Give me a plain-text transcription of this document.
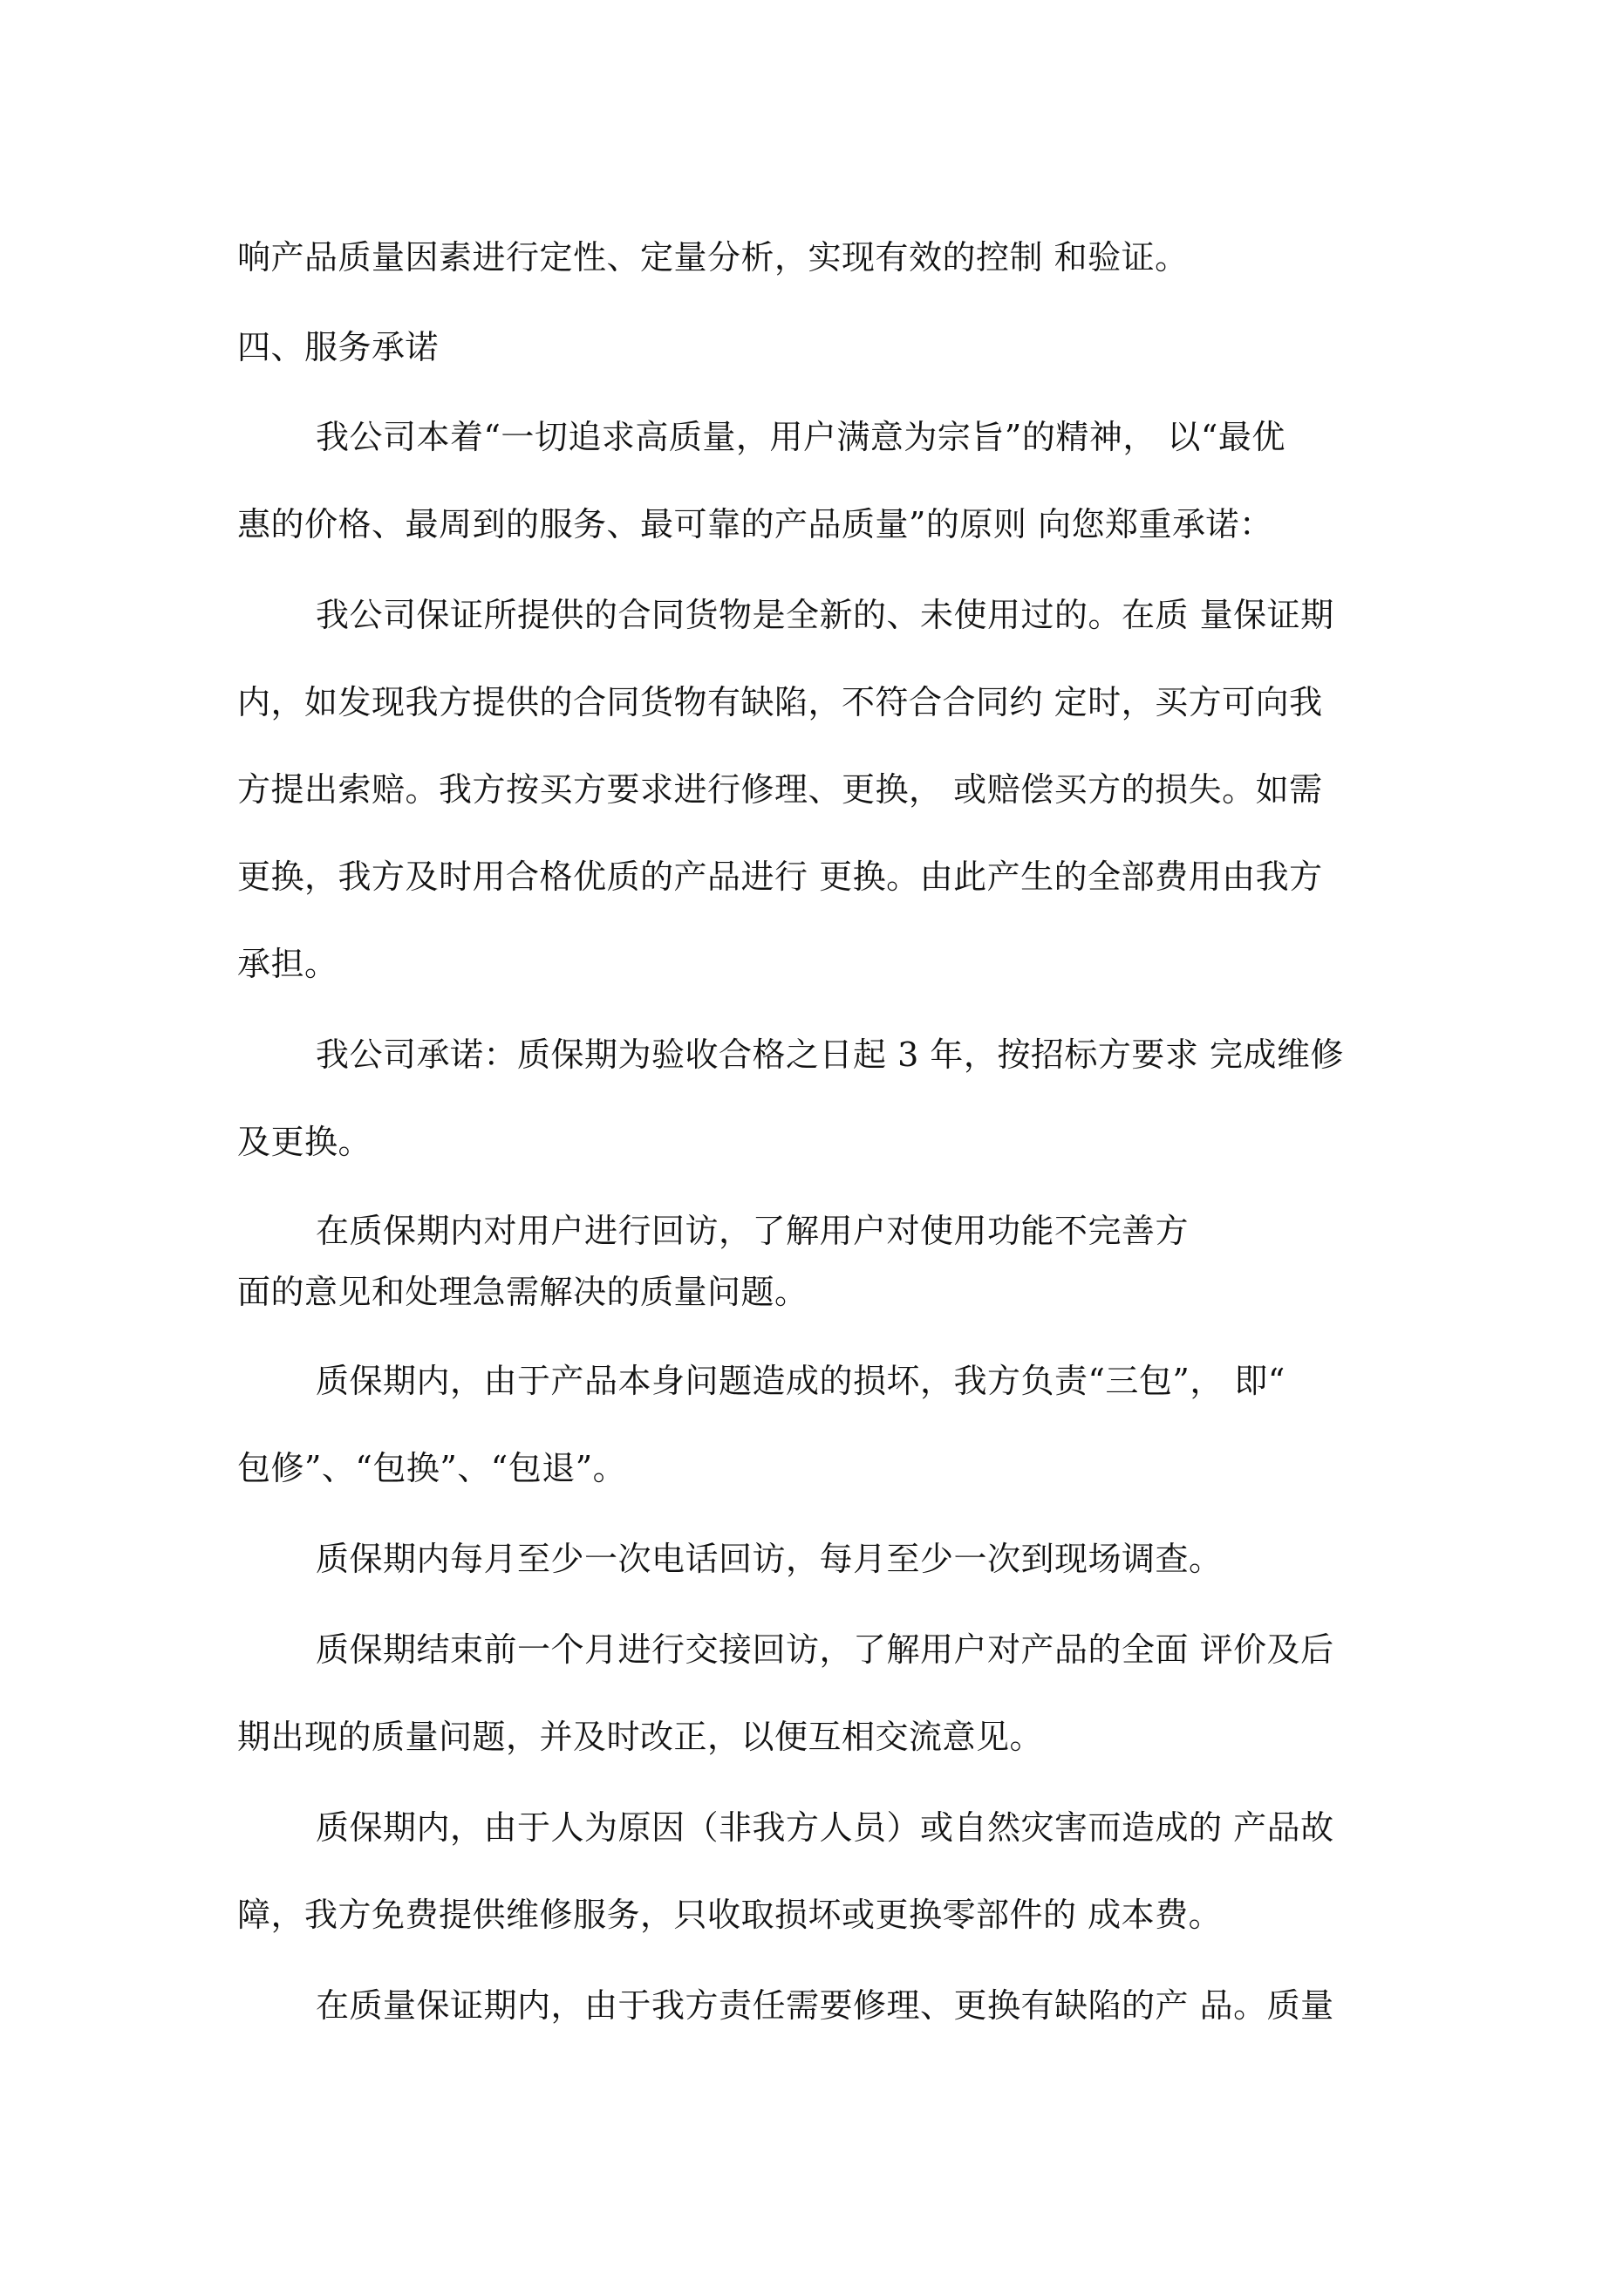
响产品质量因素进行定性、定量分析，实现有效的控制 和验证。
四、服务承诺
我公司本着“一切追求高质量，用户满意为宗旨”的精神， 以“最优
惠的价格、最周到的服务、最可靠的产品质量”的原则 向您郑重承诺：
我公司保证所提供的合同货物是全新的、未使用过的。在质 量保证期
内，如发现我方提供的合同货物有缺陷，不符合合同约 定时，买方可向我
方提出索赔。我方按买方要求进行修理、更换， 或赔偿买方的损失。如需
更换，我方及时用合格优质的产品进行 更换。由此产生的全部费用由我方
承担。
我公司承诺：质保期为验收合格之日起 3 年，按招标方要求 完成维修
及更换。
在质保期内对用户进行回访，了解用户对使用功能不完善方
面的意见和处理急需解决的质量问题。
质保期内，由于产品本身问题造成的损坏，我方负责“三包”， 即“
包修”、“包换”、“包退”。
质保期内每月至少一次电话回访，每月至少一次到现场调查。
质保期结束前一个月进行交接回访，了解用户对产品的全面 评价及后
期出现的质量问题，并及时改正，以便互相交流意见。
质保期内，由于人为原因（非我方人员）或自然灾害而造成的 产品故
障，我方免费提供维修服务，只收取损坏或更换零部件的 成本费。
在质量保证期内，由于我方责任需要修理、更换有缺陷的产 品。质量
